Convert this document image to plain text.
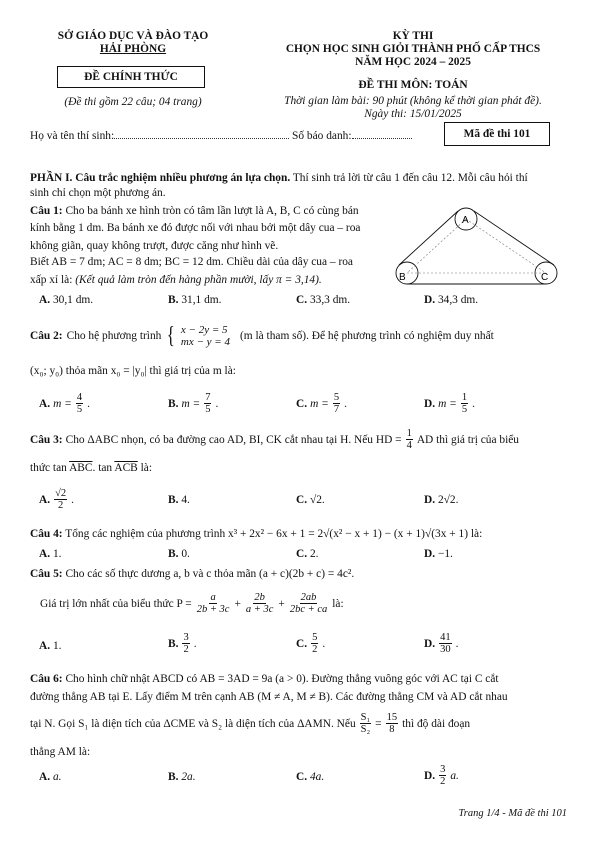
SỞ GIÁO DỤC VÀ ĐÀO TẠO
HẢI PHÒNG
ĐỀ CHÍNH THỨC
(Đề thi gồm 22 câu; 04 trang)
KỲ THI
CHỌN HỌC SINH GIỎI THÀNH PHỐ CẤP THCS
NĂM HỌC 2024 – 2025
ĐỀ THI MÔN: TOÁN
Thời gian làm bài: 90 phút (không kể thời gian phát đề).
Ngày thi: 15/01/2025
Họ và tên thí sinh:	Số báo danh:	Mã đề thi 101
PHẦN I. Câu trắc nghiệm nhiều phương án lựa chọn. Thí sinh trả lời từ câu 1 đến câu 12. Mỗi câu hỏi thí
sinh chỉ chọn một phương án.
Câu 1: Cho ba bánh xe hình tròn có tâm lần lượt là A, B, C có cùng bán
kính bằng 1 dm. Ba bánh xe đó được nối với nhau bởi một dây cua – roa
không giãn, quay không trượt, được căng như hình vẽ.
Biết AB = 7 dm; AC = 8 dm; BC = 12 dm. Chiều dài của dây cua – roa
xấp xỉ là: (Kết quả làm tròn đến hàng phần mười, lấy π = 3,14).
A
B	C
A. 30,1 dm.	B. 31,1 dm.	C. 33,3 dm.	D. 34,3 dm.
Câu 2: Cho hệ phương trình { x − 2y = 5
mx − y = 4 (m là tham số). Để hệ phương trình có nghiệm duy nhất
(x₀; y₀) thỏa mãn x₀ = |y₀| thì giá trị của m là:
A. $m = \frac{4}{5}$ .	B. $m = \frac{7}{5}$ .	C. $m = \frac{5}{7}$ .	D. $m = \frac{1}{5}$ .
Câu 3: Cho ΔABC nhọn, có ba đường cao AD, BI, CK cắt nhau tại H. Nếu HD = $\frac{1}{4}$ AD thì giá trị của biểu
thức $\tan \overline{ABC}$. $\tan \overline{ACB}$ là:
A. $\frac{√2}{2}$ .	B. 4.	C. √2.	D. 2√2.
Câu 4: Tổng các nghiệm của phương trình x³ + 2x² − 6x + 1 = 2√(x² − x + 1) − (x + 1)√(3x + 1) là:
A. 1.	B. 0.	C. 2.	D. −1.
Câu 5: Cho các số thực dương a, b và c thỏa mãn (a + c)(2b + c) = 4c².
Giá trị lớn nhất của biểu thức $P = \frac{a}{2b + 3c} + \frac{2b}{a + 3c} + \frac{2ab}{2bc + ca}$ là:
A. 1.	B. $\frac{3}{2}$ .	C. $\frac{5}{2}$ .	D. $\frac{41}{30}$ .
Câu 6: Cho hình chữ nhật ABCD có AB = 3AD = 9a (a > 0). Đường thẳng vuông góc với AC tại C cắt
đường thẳng AB tại E. Lấy điểm M trên cạnh AB (M ≠ A, M ≠ B). Các đường thẳng CM và AD cắt nhau
tại N. Gọi S₁ là diện tích của ΔCME và S₂ là diện tích của ΔAMN. Nếu $\frac{\text{S₁}}{\text{S₂}} = \frac{15}{8}$ thì độ dài đoạn
thẳng AM là:
A. a.	B. 2a.	C. 4a.	D. $\frac{3}{2} a$.
Trang 1/4 - Mã đề thi 101
